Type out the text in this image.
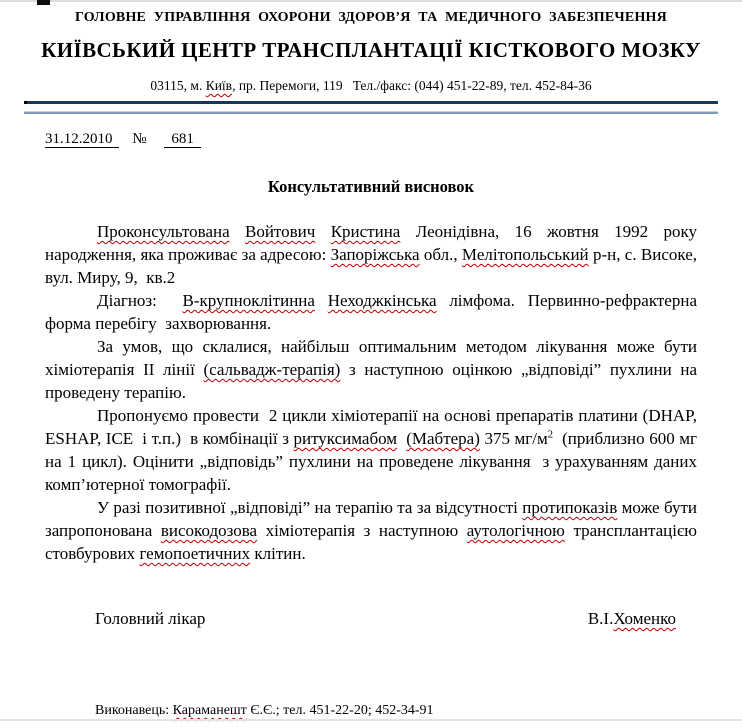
ГОЛОВНЕ УПРАВЛІННЯ ОХОРОНИ ЗДОРОВ’Я ТА МЕДИЧНОГО ЗАБЕЗПЕЧЕННЯ
КИЇВСЬКИЙ ЦЕНТР ТРАНСПЛАНТАЦІЇ КІСТКОВОГО МОЗКУ
03115, м. Київ, пр. Перемоги, 119   Тел./факс: (044) 451-22-89, тел. 452-84-36
31.12.2010 № 681
Консультативний висновок

Проконсультована Войтович Кристина Леонідівна, 16 жовтня 1992 року народження, яка проживає за адресою: Запоріжська обл., Мелітопольський р-н, с. Високе, вул. Миру, 9,  кв.2

Діагноз:  В-крупноклітинна Неходжкінська лімфома. Первинно-рефрактерна форма перебігу  захворювання.

За умов, що склалися, найбільш оптимальним методом лікування може бути хіміотерапія II лінії (сальвадж-терапія) з наступною оцінкою „відповіді” пухлини на проведену терапію.

Пропонуємо провести  2 цикли хіміотерапії на основі препаратів платини (DHAP, ESHAP, ICE  і т.п.)  в комбінації з ритуксимабом (Мабтера) 375 $мг/м^2$  (приблизно 600 мг на 1 цикл). Оцінити „відповідь” пухлини на проведене лікування  з урахуванням даних комп’ютерної томографії.

У разі позитивної „відповіді” на терапію та за відсутності протипоказів може бути запропонована високодозова хіміотерапія з наступною аутологічною трансплантацією стовбурових гемопоетичних клітин.

Головний лікар	В.І.Хоменко
Виконавець: Караманешт Є.Є.; тел. 451-22-20; 452-34-91
